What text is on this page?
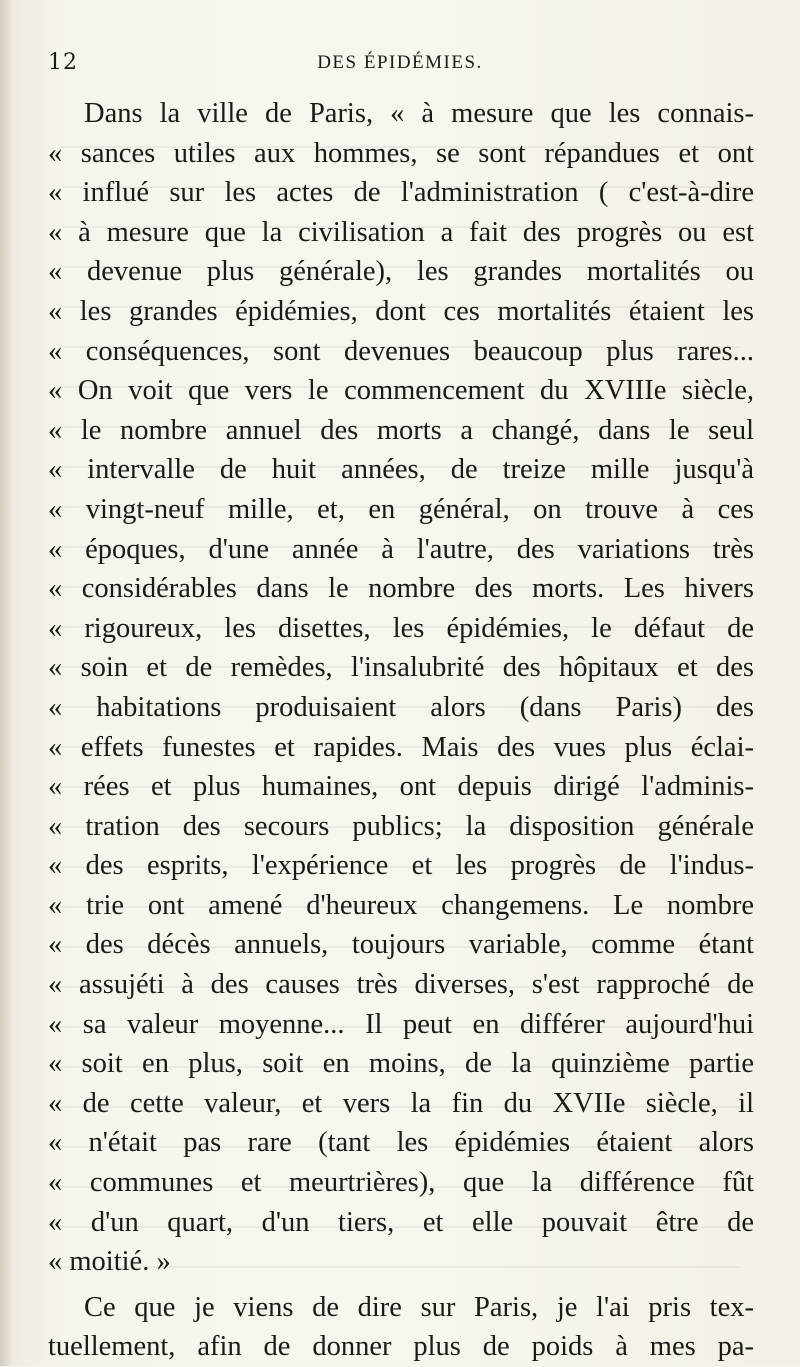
12	DES ÉPIDÉMIES.
Dans la ville de Paris, « à mesure que les connais-
« sances utiles aux hommes, se sont répandues et ont
« influé sur les actes de l'administration ( c'est-à-dire
« à mesure que la civilisation a fait des progrès ou est
« devenue plus générale), les grandes mortalités ou
« les grandes épidémies, dont ces mortalités étaient les
« conséquences, sont devenues beaucoup plus rares...
« On voit que vers le commencement du XVIIIe siècle,
« le nombre annuel des morts a changé, dans le seul
« intervalle de huit années, de treize mille jusqu'à
« vingt-neuf mille, et, en général, on trouve à ces
« époques, d'une année à l'autre, des variations très
« considérables dans le nombre des morts. Les hivers
« rigoureux, les disettes, les épidémies, le défaut de
« soin et de remèdes, l'insalubrité des hôpitaux et des
« habitations produisaient alors (dans Paris) des
« effets funestes et rapides. Mais des vues plus éclai-
« rées et plus humaines, ont depuis dirigé l'adminis-
« tration des secours publics; la disposition générale
« des esprits, l'expérience et les progrès de l'indus-
« trie ont amené d'heureux changemens. Le nombre
« des décès annuels, toujours variable, comme étant
« assujéti à des causes très diverses, s'est rapproché de
« sa valeur moyenne... Il peut en différer aujourd'hui
« soit en plus, soit en moins, de la quinzième partie
« de cette valeur, et vers la fin du XVIIe siècle, il
« n'était pas rare (tant les épidémies étaient alors
« communes et meurtrières), que la différence fût
« d'un quart, d'un tiers, et elle pouvait être de
« moitié. »
Ce que je viens de dire sur Paris, je l'ai pris tex-
tuellement, afin de donner plus de poids à mes pa-
